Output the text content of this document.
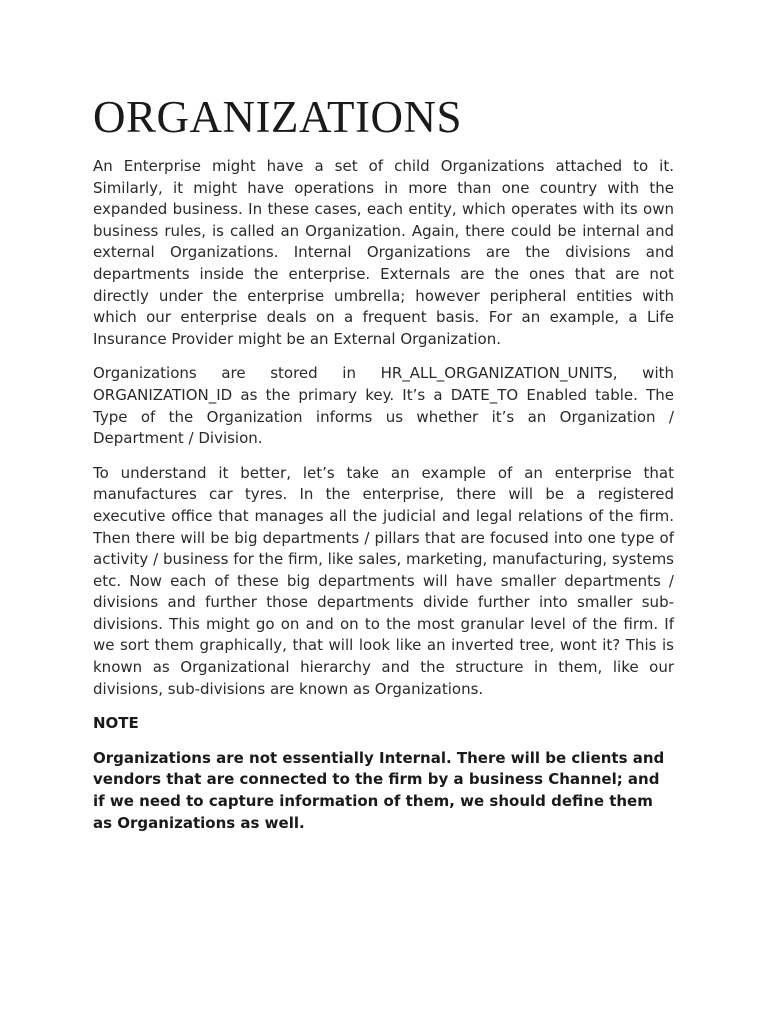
ORGANIZATIONS

An Enterprise might have a set of child Organizations attached to it. Similarly, it might have operations in more than one country with the expanded business. In these cases, each entity, which operates with its own business rules, is called an Organization. Again, there could be internal and external Organizations. Internal Organizations are the divisions and departments inside the enterprise. Externals are the ones that are not directly under the enterprise umbrella; however peripheral entities with which our enterprise deals on a frequent basis. For an example, a Life Insurance Provider might be an External Organization.

Organizations are stored in HR_ALL_ORGANIZATION_UNITS, with ORGANIZATION_ID as the primary key. It’s a DATE_TO Enabled table. The Type of the Organization informs us whether it’s an Organization / Department / Division.

To understand it better, let’s take an example of an enterprise that manufactures car tyres. In the enterprise, there will be a registered executive office that manages all the judicial and legal relations of the firm. Then there will be big departments / pillars that are focused into one type of activity / business for the firm, like sales, marketing, manufacturing, systems etc. Now each of these big departments will have smaller departments / divisions and further those departments divide further into smaller sub-divisions. This might go on and on to the most granular level of the firm. If we sort them graphically, that will look like an inverted tree, wont it? This is known as Organizational hierarchy and the structure in them, like our divisions, sub-divisions are known as Organizations.

NOTE

Organizations are not essentially Internal. There will be clients and vendors that are connected to the firm by a business Channel; and if we need to capture information of them, we should define them as Organizations as well.
